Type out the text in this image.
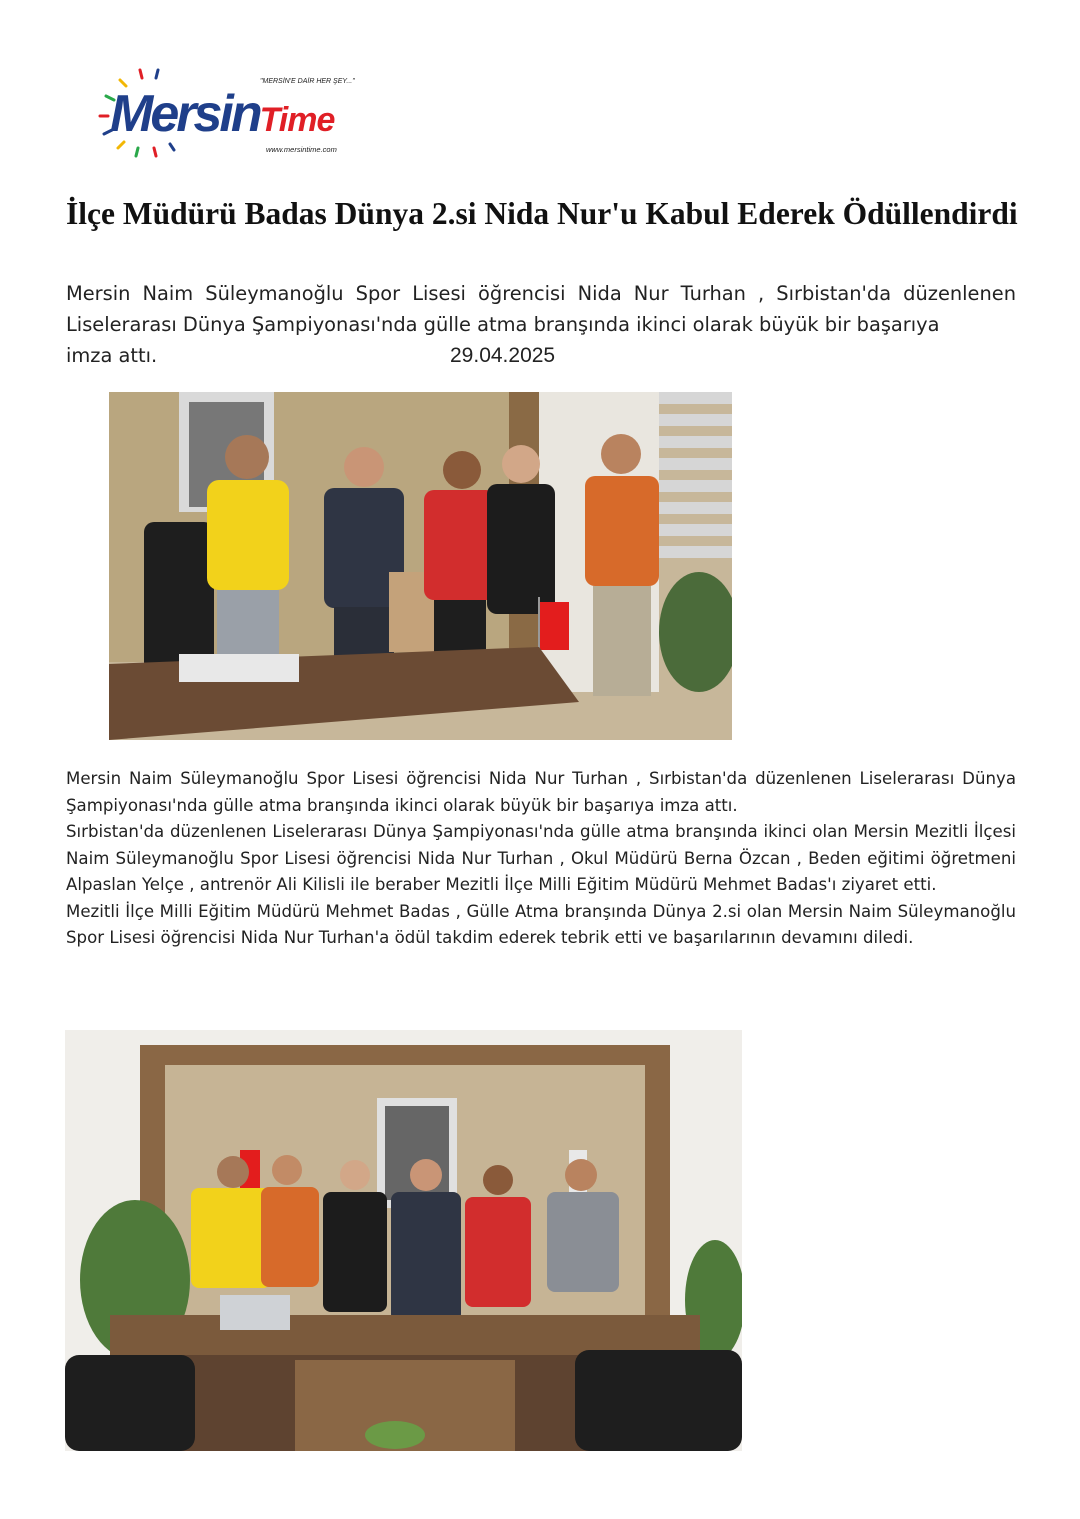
MersinTime
"MERSİN'E DAİR HER ŞEY..."
www.mersintime.com
İlçe Müdürü Badas Dünya 2.si Nida Nur'u Kabul Ederek Ödüllendirdi
Mersin Naim Süleymanoğlu Spor Lisesi öğrencisi Nida Nur Turhan , Sırbistan'da düzenlenen Liselerarası Dünya Şampiyonası'nda gülle atma branşında ikinci olarak büyük bir başarıya
imza attı.	29.04.2025

Mersin Naim Süleymanoğlu Spor Lisesi öğrencisi Nida Nur Turhan , Sırbistan'da düzenlenen Liselerarası Dünya Şampiyonası'nda gülle atma branşında ikinci olarak büyük bir başarıya imza attı.

Sırbistan'da düzenlenen Liselerarası Dünya Şampiyonası'nda gülle atma branşında ikinci olan Mersin Mezitli İlçesi Naim Süleymanoğlu Spor Lisesi öğrencisi Nida Nur Turhan , Okul Müdürü Berna Özcan , Beden eğitimi öğretmeni Alpaslan Yelçe , antrenör Ali Kilisli ile beraber Mezitli İlçe Milli Eğitim Müdürü Mehmet Badas'ı ziyaret etti.

Mezitli İlçe Milli Eğitim Müdürü Mehmet Badas , Gülle Atma branşında Dünya 2.si olan Mersin Naim Süleymanoğlu Spor Lisesi öğrencisi Nida Nur Turhan'a ödül takdim ederek tebrik etti ve başarılarının devamını diledi.
